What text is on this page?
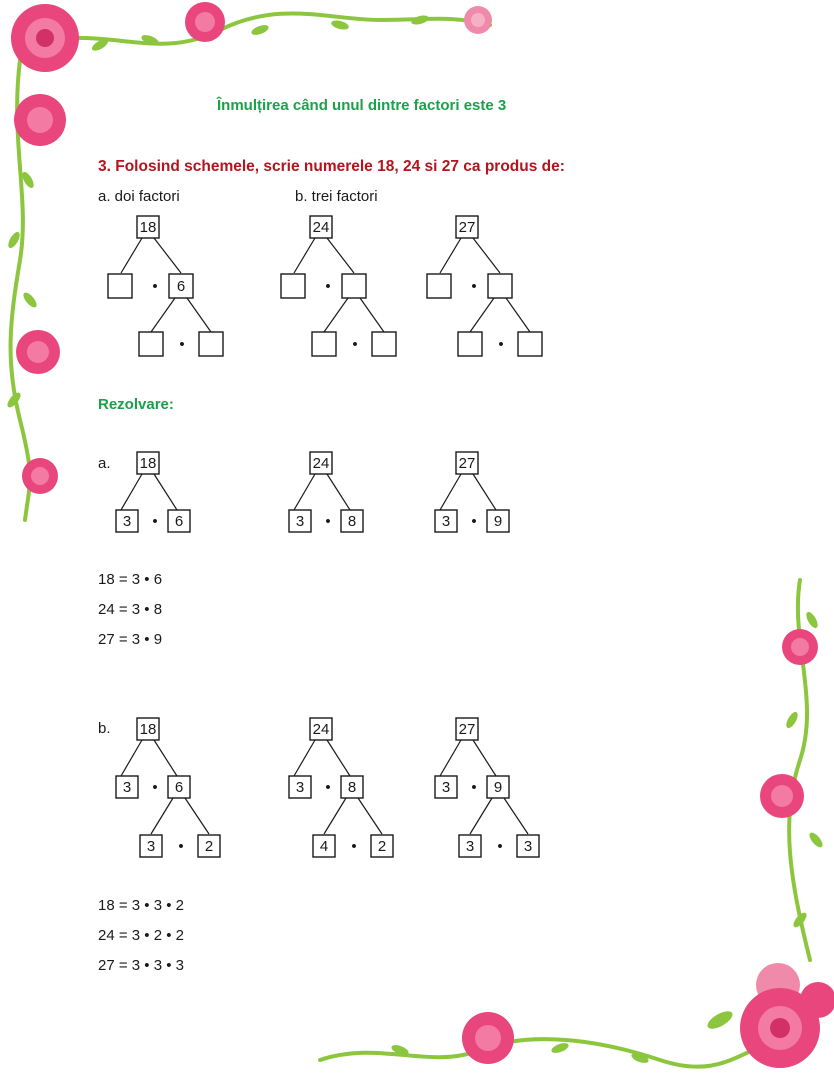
Înmulțirea când unul dintre factori este 3
3. Folosind schemele, scrie numerele 18, 24 si 27 ca produs de:
a. doi factori	b. trei factori
Rezolvare:
a.
b.
18 = 3 • 6
24 = 3 • 8
27 = 3 • 9
18 = 3 • 3 • 2
24 = 3 • 2 • 2
27 = 3 • 3 • 3
18
• 6
•
24
•
•
27
•
•
18
3 • 6
24
3 • 8
27
3 • 9
18
3 • 6
3 • 2
24
3 • 8
4 • 2
27
3 • 9
3 • 3
